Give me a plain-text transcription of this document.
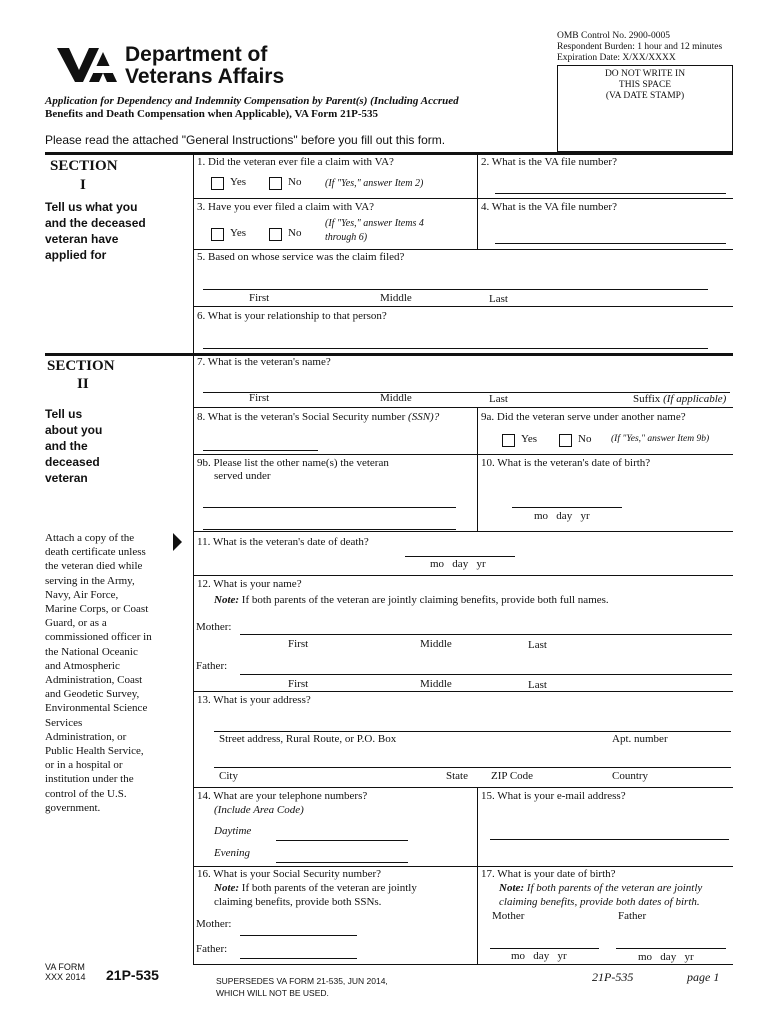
Department of
Veterans Affairs
OMB Control No. 2900-0005
Respondent Burden: 1 hour and 12 minutes
Expiration Date: X/XX/XXXX
DO NOT WRITE IN
THIS SPACE
(VA DATE STAMP)
Application for Dependency and Indemnity Compensation by Parent(s) (Including Accrued
Benefits and Death Compensation when Applicable), VA Form 21P-535
Please read the attached "General Instructions" before you fill out this form.
SECTION
I
Tell us what you
and the deceased
veteran have
applied for
1. Did the veteran ever file a claim with VA?
Yes	No (If "Yes," answer Item 2)
2. What is the VA file number?
3. Have you ever filed a claim with VA?
Yes	No
(If "Yes," answer Items 4
through 6)
4. What is the VA file number?
5. Based on whose service was the claim filed?
First	Middle	Last
6. What is your relationship to that person?
SECTION
II
Tell us
about you
and the
deceased
veteran
Attach a copy of the
death certificate unless
the veteran died while
serving in the Army,
Navy, Air Force,
Marine Corps, or Coast
Guard, or as a
commissioned officer in
the National Oceanic
and Atmospheric
Administration, Coast
and Geodetic Survey,
Environmental Science
Services
Administration, or
Public Health Service,
or in a hospital or
institution under the
control of the U.S.
government.
7. What is the veteran's name?
First	Middle	Last	Suffix (If applicable)
8. What is the veteran's Social Security number (SSN)?	9a. Did the veteran serve under another name?
Yes	No (If "Yes," answer Item 9b)
9b. Please list the other name(s) the veteran
served under
10. What is the veteran's date of birth?
mo   day   yr
11. What is the veteran's date of death?
mo   day   yr
12. What is your name?
Note: If both parents of the veteran are jointly claiming benefits, provide both full names.
Mother:
First	Middle	Last
Father:
First	Middle	Last
13. What is your address?
Street address, Rural Route, or P.O. Box	Apt. number
City	State ZIP Code	Country
14. What are your telephone numbers?
(Include Area Code)
Daytime
Evening
15. What is your e-mail address?
16. What is your Social Security number?
Note: If both parents of the veteran are jointly
claiming benefits, provide both SSNs.
Mother:
Father:
17. What is your date of birth?
Note: If both parents of the veteran are jointly
claiming benefits, provide both dates of birth.
Mother	Father
mo   day   yr	mo   day   yr
VA FORM
XXX 2014 21P-535	SUPERSEDES VA FORM 21-535, JUN 2014,
WHICH WILL NOT BE USED.
21P-535	page 1
